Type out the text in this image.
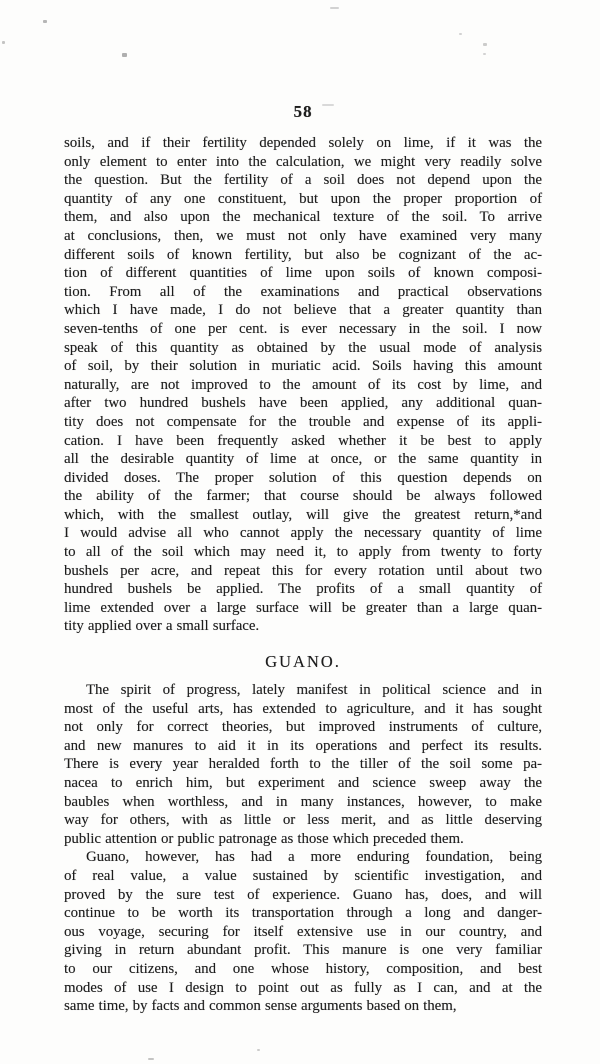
58
soils, and if their fertility depended solely on lime, if it was the
only element to enter into the calculation, we might very readily solve
the question. But the fertility of a soil does not depend upon the
quantity of any one constituent, but upon the proper proportion of
them, and also upon the mechanical texture of the soil. To arrive
at conclusions, then, we must not only have examined very many
different soils of known fertility, but also be cognizant of the ac-
tion of different quantities of lime upon soils of known composi-
tion. From all of the examinations and practical observations
which I have made, I do not believe that a greater quantity than
seven-tenths of one per cent. is ever necessary in the soil. I now
speak of this quantity as obtained by the usual mode of analysis
of soil, by their solution in muriatic acid. Soils having this amount
naturally, are not improved to the amount of its cost by lime, and
after two hundred bushels have been applied, any additional quan-
tity does not compensate for the trouble and expense of its appli-
cation. I have been frequently asked whether it be best to apply
all the desirable quantity of lime at once, or the same quantity in
divided doses. The proper solution of this question depends on
the ability of the farmer; that course should be always followed
which, with the smallest outlay, will give the greatest return,*and
I would advise all who cannot apply the necessary quantity of lime
to all of the soil which may need it, to apply from twenty to forty
bushels per acre, and repeat this for every rotation until about two
hundred bushels be applied. The profits of a small quantity of
lime extended over a large surface will be greater than a large quan-
tity applied over a small surface.
GUANO.
The spirit of progress, lately manifest in political science and in
most of the useful arts, has extended to agriculture, and it has sought
not only for correct theories, but improved instruments of culture,
and new manures to aid it in its operations and perfect its results.
There is every year heralded forth to the tiller of the soil some pa-
nacea to enrich him, but experiment and science sweep away the
baubles when worthless, and in many instances, however, to make
way for others, with as little or less merit, and as little deserving
public attention or public patronage as those which preceded them.
Guano, however, has had a more enduring foundation, being
of real value, a value sustained by scientific investigation, and
proved by the sure test of experience. Guano has, does, and will
continue to be worth its transportation through a long and danger-
ous voyage, securing for itself extensive use in our country, and
giving in return abundant profit. This manure is one very familiar
to our citizens, and one whose history, composition, and best
modes of use I design to point out as fully as I can, and at the
same time, by facts and common sense arguments based on them,
